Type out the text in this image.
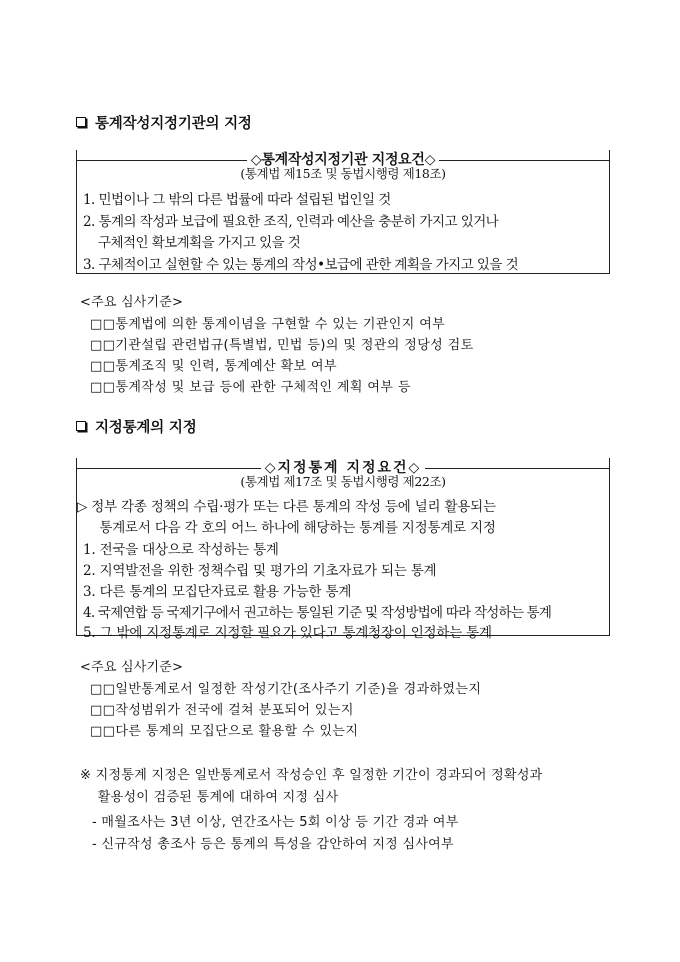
통계작성지정기관의 지정
◇통계작성지정기관 지정요건◇
(통계법 제15조 및 동법시행령 제18조)
1. 민법이나 그 밖의 다른 법률에 따라 설립된 법인일 것
2. 통계의 작성과 보급에 필요한 조직, 인력과 예산을 충분히 가지고 있거나
구체적인 확보계획을 가지고 있을 것
3. 구체적이고 실현할 수 있는 통계의 작성•보급에 관한 계획을 가지고 있을 것
<주요 심사기준>
□□통계법에 의한 통계이념을 구현할 수 있는 기관인지 여부
□□기관설립 관련법규(특별법, 민법 등)의 및 정관의 정당성 검토
□□통계조직 및 인력, 통계예산 확보 여부
□□통계작성 및 보급 등에 관한 구체적인 계획 여부 등
지정통계의 지정
◇지정통계 지정요건◇
(통계법 제17조 및 동법시행령 제22조)
▷ 정부 각종 정책의 수립·평가 또는 다른 통계의 작성 등에 널리 활용되는
통계로서 다음 각 호의 어느 하나에 해당하는 통계를 지정통계로 지정
1. 전국을 대상으로 작성하는 통계
2. 지역발전을 위한 정책수립 및 평가의 기초자료가 되는 통계
3. 다른 통계의 모집단자료로 활용 가능한 통계
4. 국제연합 등 국제기구에서 권고하는 통일된 기준 및 작성방법에 따라 작성하는 통계
5. 그 밖에 지정통계로 지정할 필요가 있다고 통계청장이 인정하는 통계
<주요 심사기준>
□□일반통계로서 일정한 작성기간(조사주기 기준)을 경과하였는지
□□작성범위가 전국에 걸쳐 분포되어 있는지
□□다른 통계의 모집단으로 활용할 수 있는지
※ 지정통계 지정은 일반통계로서 작성승인 후 일정한 기간이 경과되어 정확성과
활용성이 검증된 통계에 대하여 지정 심사
- 매월조사는 3년 이상, 연간조사는 5회 이상 등 기간 경과 여부
- 신규작성 총조사 등은 통계의 특성을 감안하여 지정 심사여부
